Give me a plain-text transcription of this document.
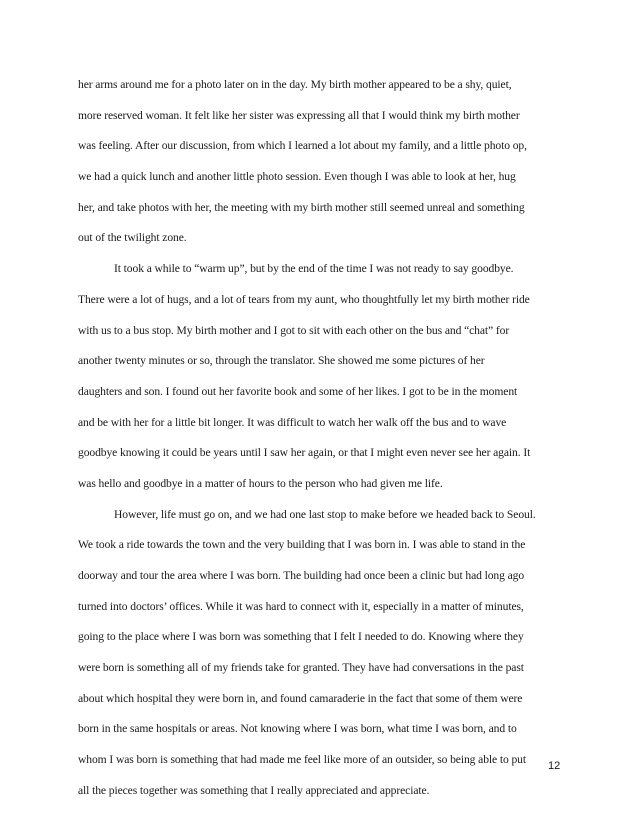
her arms around me for a photo later on in the day. My birth mother appeared to be a shy, quiet,
more reserved woman. It felt like her sister was expressing all that I would think my birth mother
was feeling. After our discussion, from which I learned a lot about my family, and a little photo op,
we had a quick lunch and another little photo session. Even though I was able to look at her, hug
her, and take photos with her, the meeting with my birth mother still seemed unreal and something
out of the twilight zone.
It took a while to “warm up”, but by the end of the time I was not ready to say goodbye.
There were a lot of hugs, and a lot of tears from my aunt, who thoughtfully let my birth mother ride
with us to a bus stop. My birth mother and I got to sit with each other on the bus and “chat” for
another twenty minutes or so, through the translator. She showed me some pictures of her
daughters and son. I found out her favorite book and some of her likes. I got to be in the moment
and be with her for a little bit longer. It was difficult to watch her walk off the bus and to wave
goodbye knowing it could be years until I saw her again, or that I might even never see her again. It
was hello and goodbye in a matter of hours to the person who had given me life.
However, life must go on, and we had one last stop to make before we headed back to Seoul.
We took a ride towards the town and the very building that I was born in. I was able to stand in the
doorway and tour the area where I was born. The building had once been a clinic but had long ago
turned into doctors’ offices. While it was hard to connect with it, especially in a matter of minutes,
going to the place where I was born was something that I felt I needed to do. Knowing where they
were born is something all of my friends take for granted. They have had conversations in the past
about which hospital they were born in, and found camaraderie in the fact that some of them were
born in the same hospitals or areas. Not knowing where I was born, what time I was born, and to
whom I was born is something that had made me feel like more of an outsider, so being able to put
all the pieces together was something that I really appreciated and appreciate.
12
